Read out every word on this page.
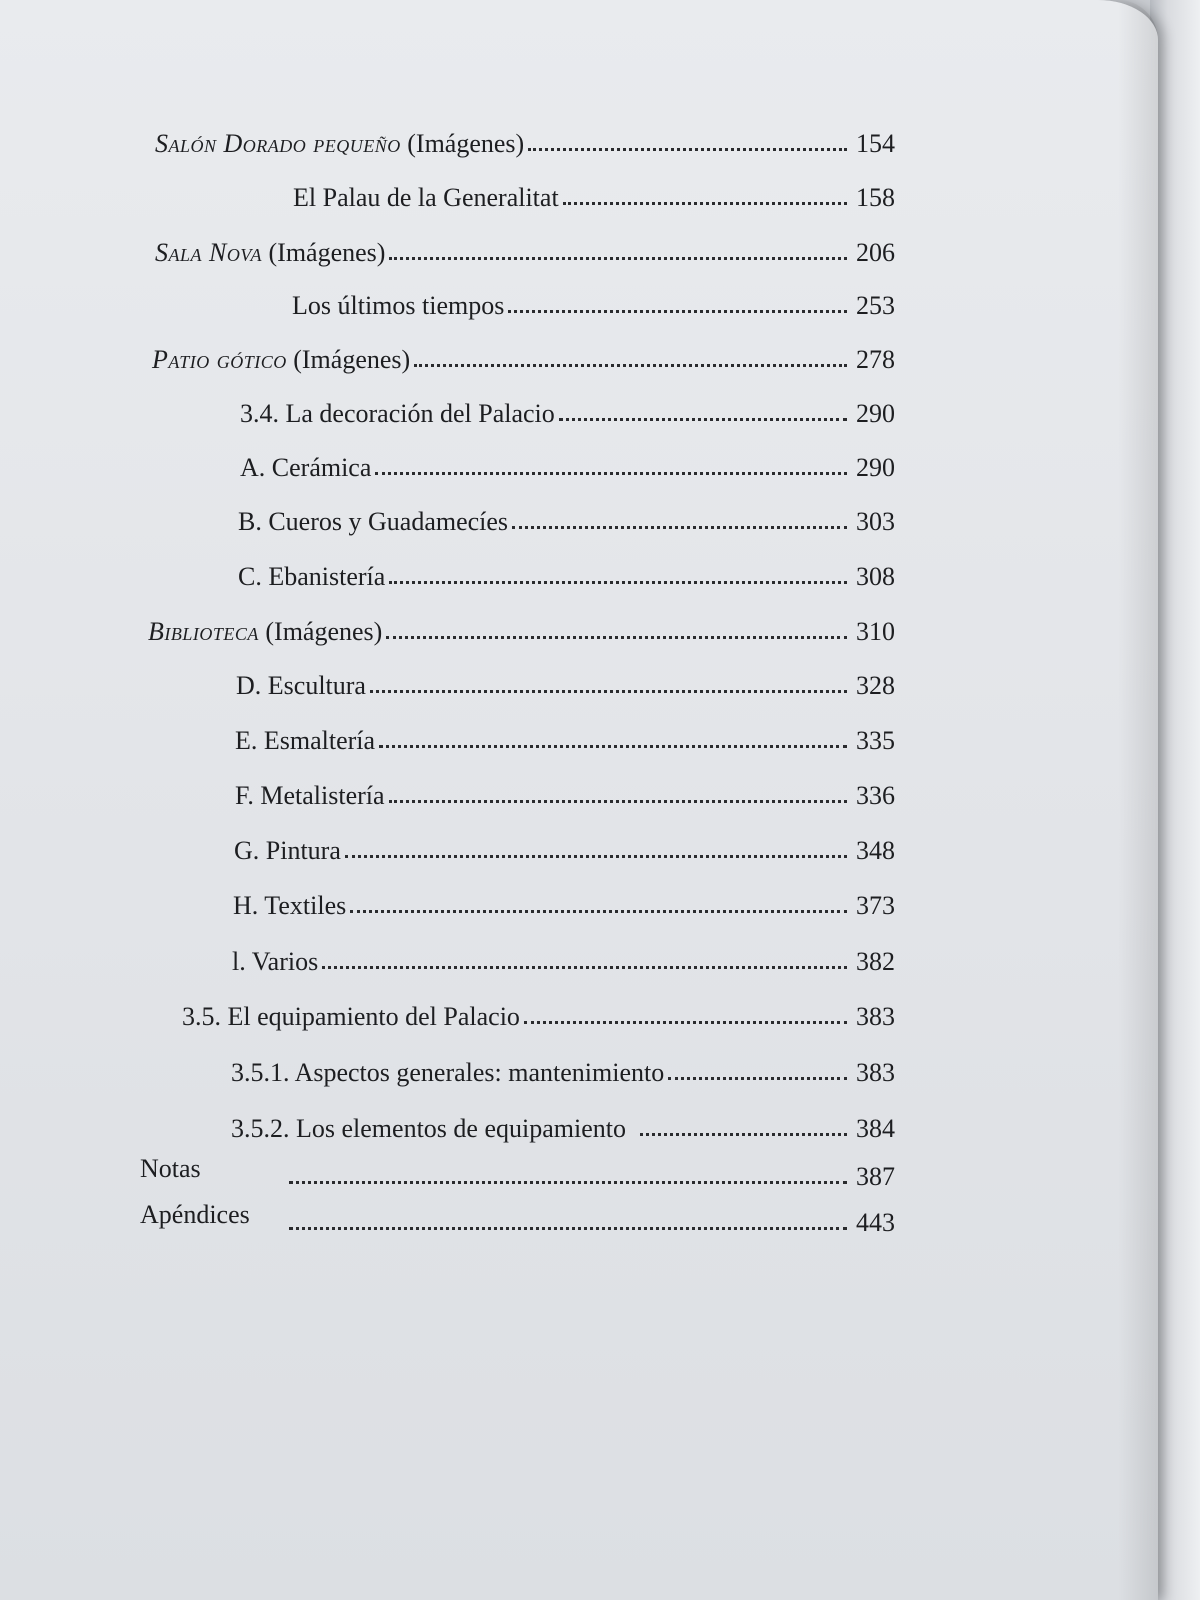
Salón Dorado pequeño (Imágenes)	154
El Palau de la Generalitat	158
Sala Nova (Imágenes)	206
Los últimos tiempos	253
Patio gótico (Imágenes)	278
3.4. La decoración del Palacio	290
A. Cerámica	290
B. Cueros y Guadamecíes	303
C. Ebanistería	308
Biblioteca (Imágenes)	310
D. Escultura	328
E. Esmaltería	335
F. Metalistería	336
G. Pintura	348
H. Textiles	373
l. Varios	382
3.5. El equipamiento del Palacio	383
3.5.1. Aspectos generales: mantenimiento	383
3.5.2. Los elementos de equipamiento	384
Notas	387
Apéndices	443
